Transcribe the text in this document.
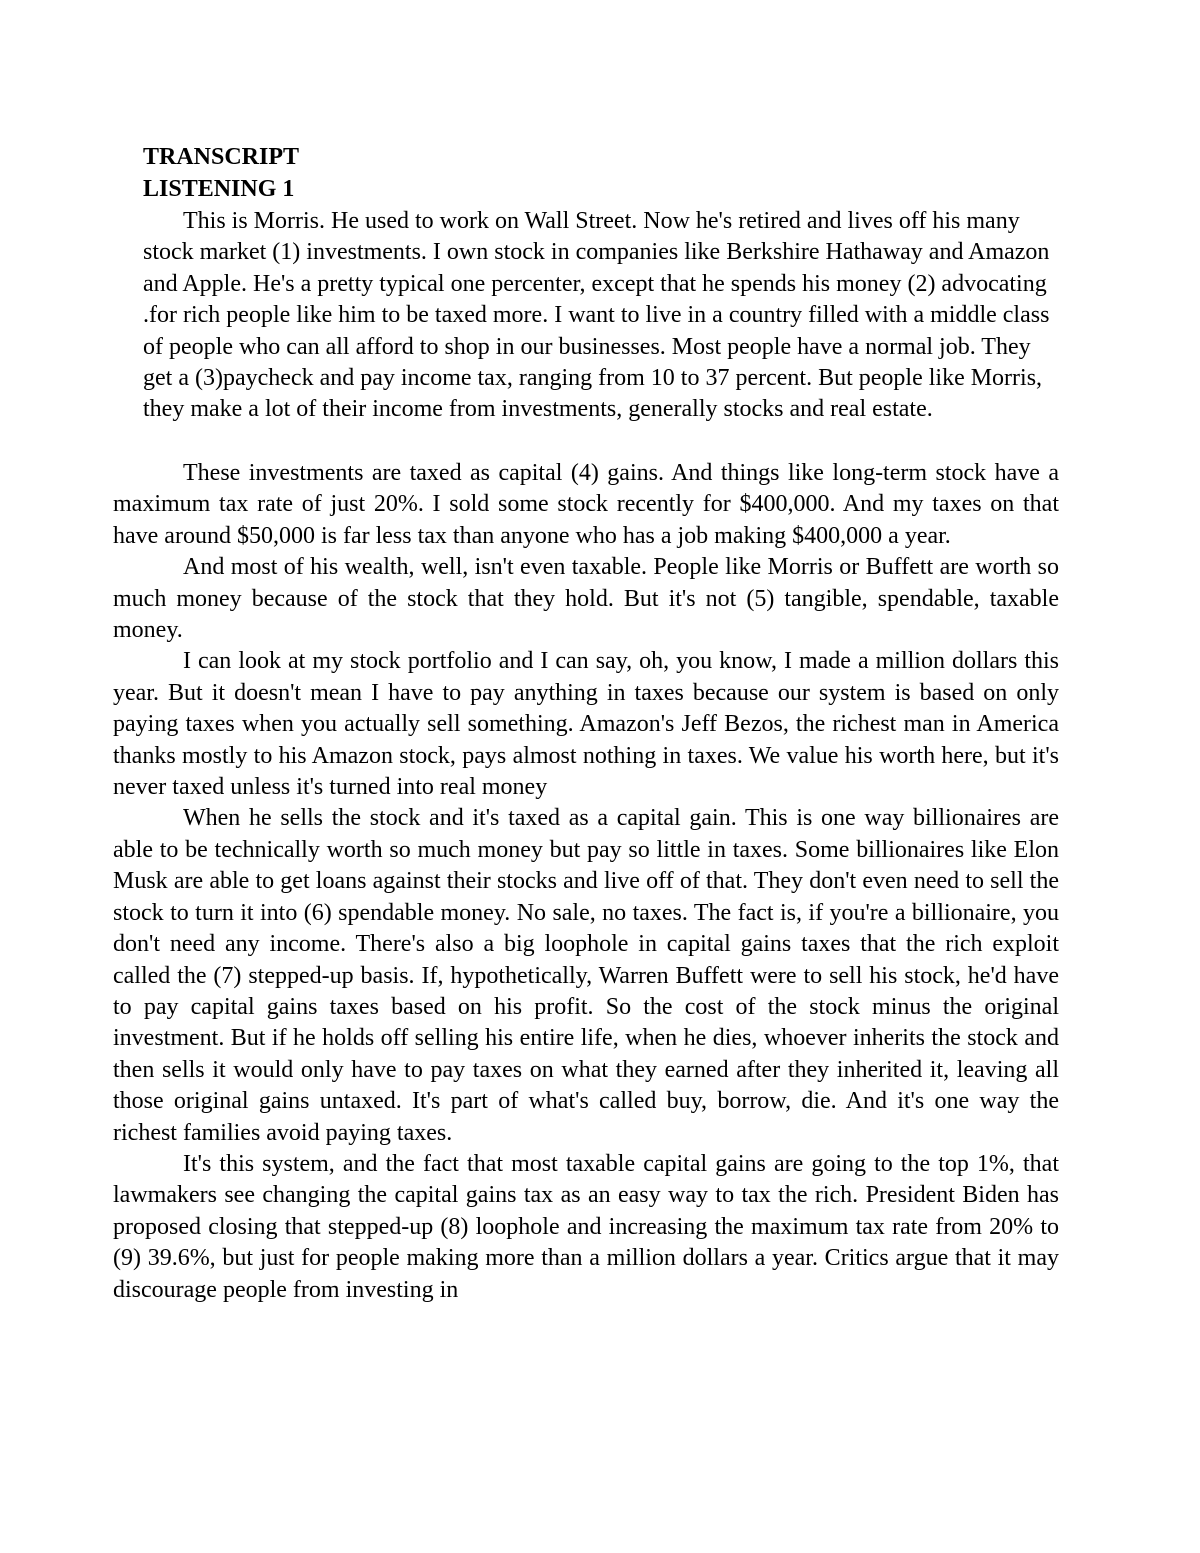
TRANSCRIPT
LISTENING 1

This is Morris. He used to work on Wall Street. Now he's retired and lives off his many stock market (1) investments. I own stock in companies like Berkshire Hathaway and Amazon and Apple. He's a pretty typical one percenter, except that he spends his money (2) advocating .for rich people like him to be taxed more. I want to live in a country filled with a middle class of people who can all afford to shop in our businesses. Most people have a normal job. They get a (3)paycheck and pay income tax, ranging from 10 to 37 percent. But people like Morris, they make a lot of their income from investments, generally stocks and real estate.

These investments are taxed as capital (4) gains. And things like long-term stock have a maximum tax rate of just 20%. I sold some stock recently for $400,000. And my taxes on that have around $50,000 is far less tax than anyone who has a job making $400,000 a year.

And most of his wealth, well, isn't even taxable. People like Morris or Buffett are worth so much money because of the stock that they hold. But it's not (5) tangible, spendable, taxable money.

I can look at my stock portfolio and I can say, oh, you know, I made a million dollars this year. But it doesn't mean I have to pay anything in taxes because our system is based on only paying taxes when you actually sell something. Amazon's Jeff Bezos, the richest man in America thanks mostly to his Amazon stock, pays almost nothing in taxes. We value his worth here, but it's never taxed unless it's turned into real money

When he sells the stock and it's taxed as a capital gain. This is one way billionaires are able to be technically worth so much money but pay so little in taxes. Some billionaires like Elon Musk are able to get loans against their stocks and live off of that. They don't even need to sell the stock to turn it into (6) spendable money. No sale, no taxes. The fact is, if you're a billionaire, you don't need any income. There's also a big loophole in capital gains taxes that the rich exploit called the (7) stepped-up basis. If, hypothetically, Warren Buffett were to sell his stock, he'd have to pay capital gains taxes based on his profit. So the cost of the stock minus the original investment. But if he holds off selling his entire life, when he dies, whoever inherits the stock and then sells it would only have to pay taxes on what they earned after they inherited it, leaving all those original gains untaxed. It's part of what's called buy, borrow, die. And it's one way the richest families avoid paying taxes.

It's this system, and the fact that most taxable capital gains are going to the top 1%, that lawmakers see changing the capital gains tax as an easy way to tax the rich. President Biden has proposed closing that stepped-up (8) loophole and increasing the maximum tax rate from 20% to (9) 39.6%, but just for people making more than a million dollars a year. Critics argue that it may discourage people from investing in
